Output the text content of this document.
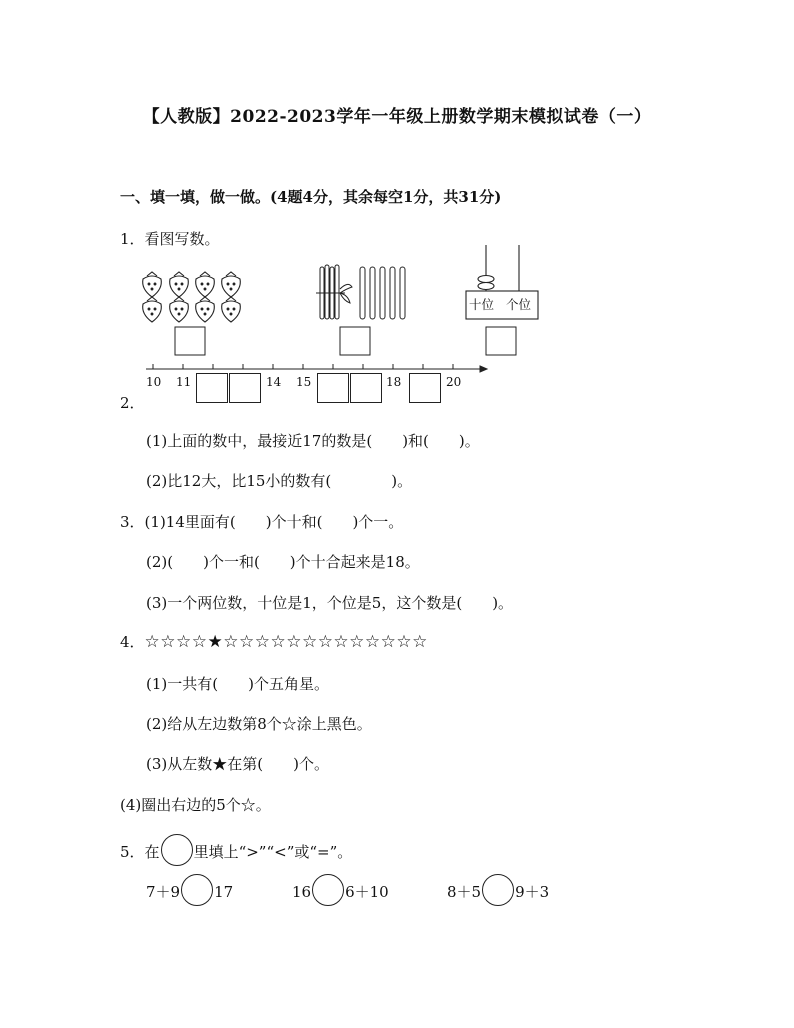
【人教版】2022-2023学年一年级上册数学期末模拟试卷（一）
一、填一填，做一做。(4题4分，其余每空1分，共31分)
1．看图写数。
十位 个位
10 11	14 15	18	20
2．
(1)上面的数中，最接近17的数是(　　)和(　　)。
(2)比12大，比15小的数有(　　　　)。
3．(1)14里面有(　　)个十和(　　)个一。
(2)(　　)个一和(　　)个十合起来是18。
(3)一个两位数，十位是1，个位是5，这个数是(　　)。
4．☆☆☆☆★☆☆☆☆☆☆☆☆☆☆☆☆☆
(1)一共有(　　)个五角星。
(2)给从左边数第8个☆涂上黑色。
(3)从左数★在第(　　)个。
(4)圈出右边的5个☆。
5．在 里填上“>”“<”或“=”。
7＋9 17	16 6＋10	8＋5 9＋3
